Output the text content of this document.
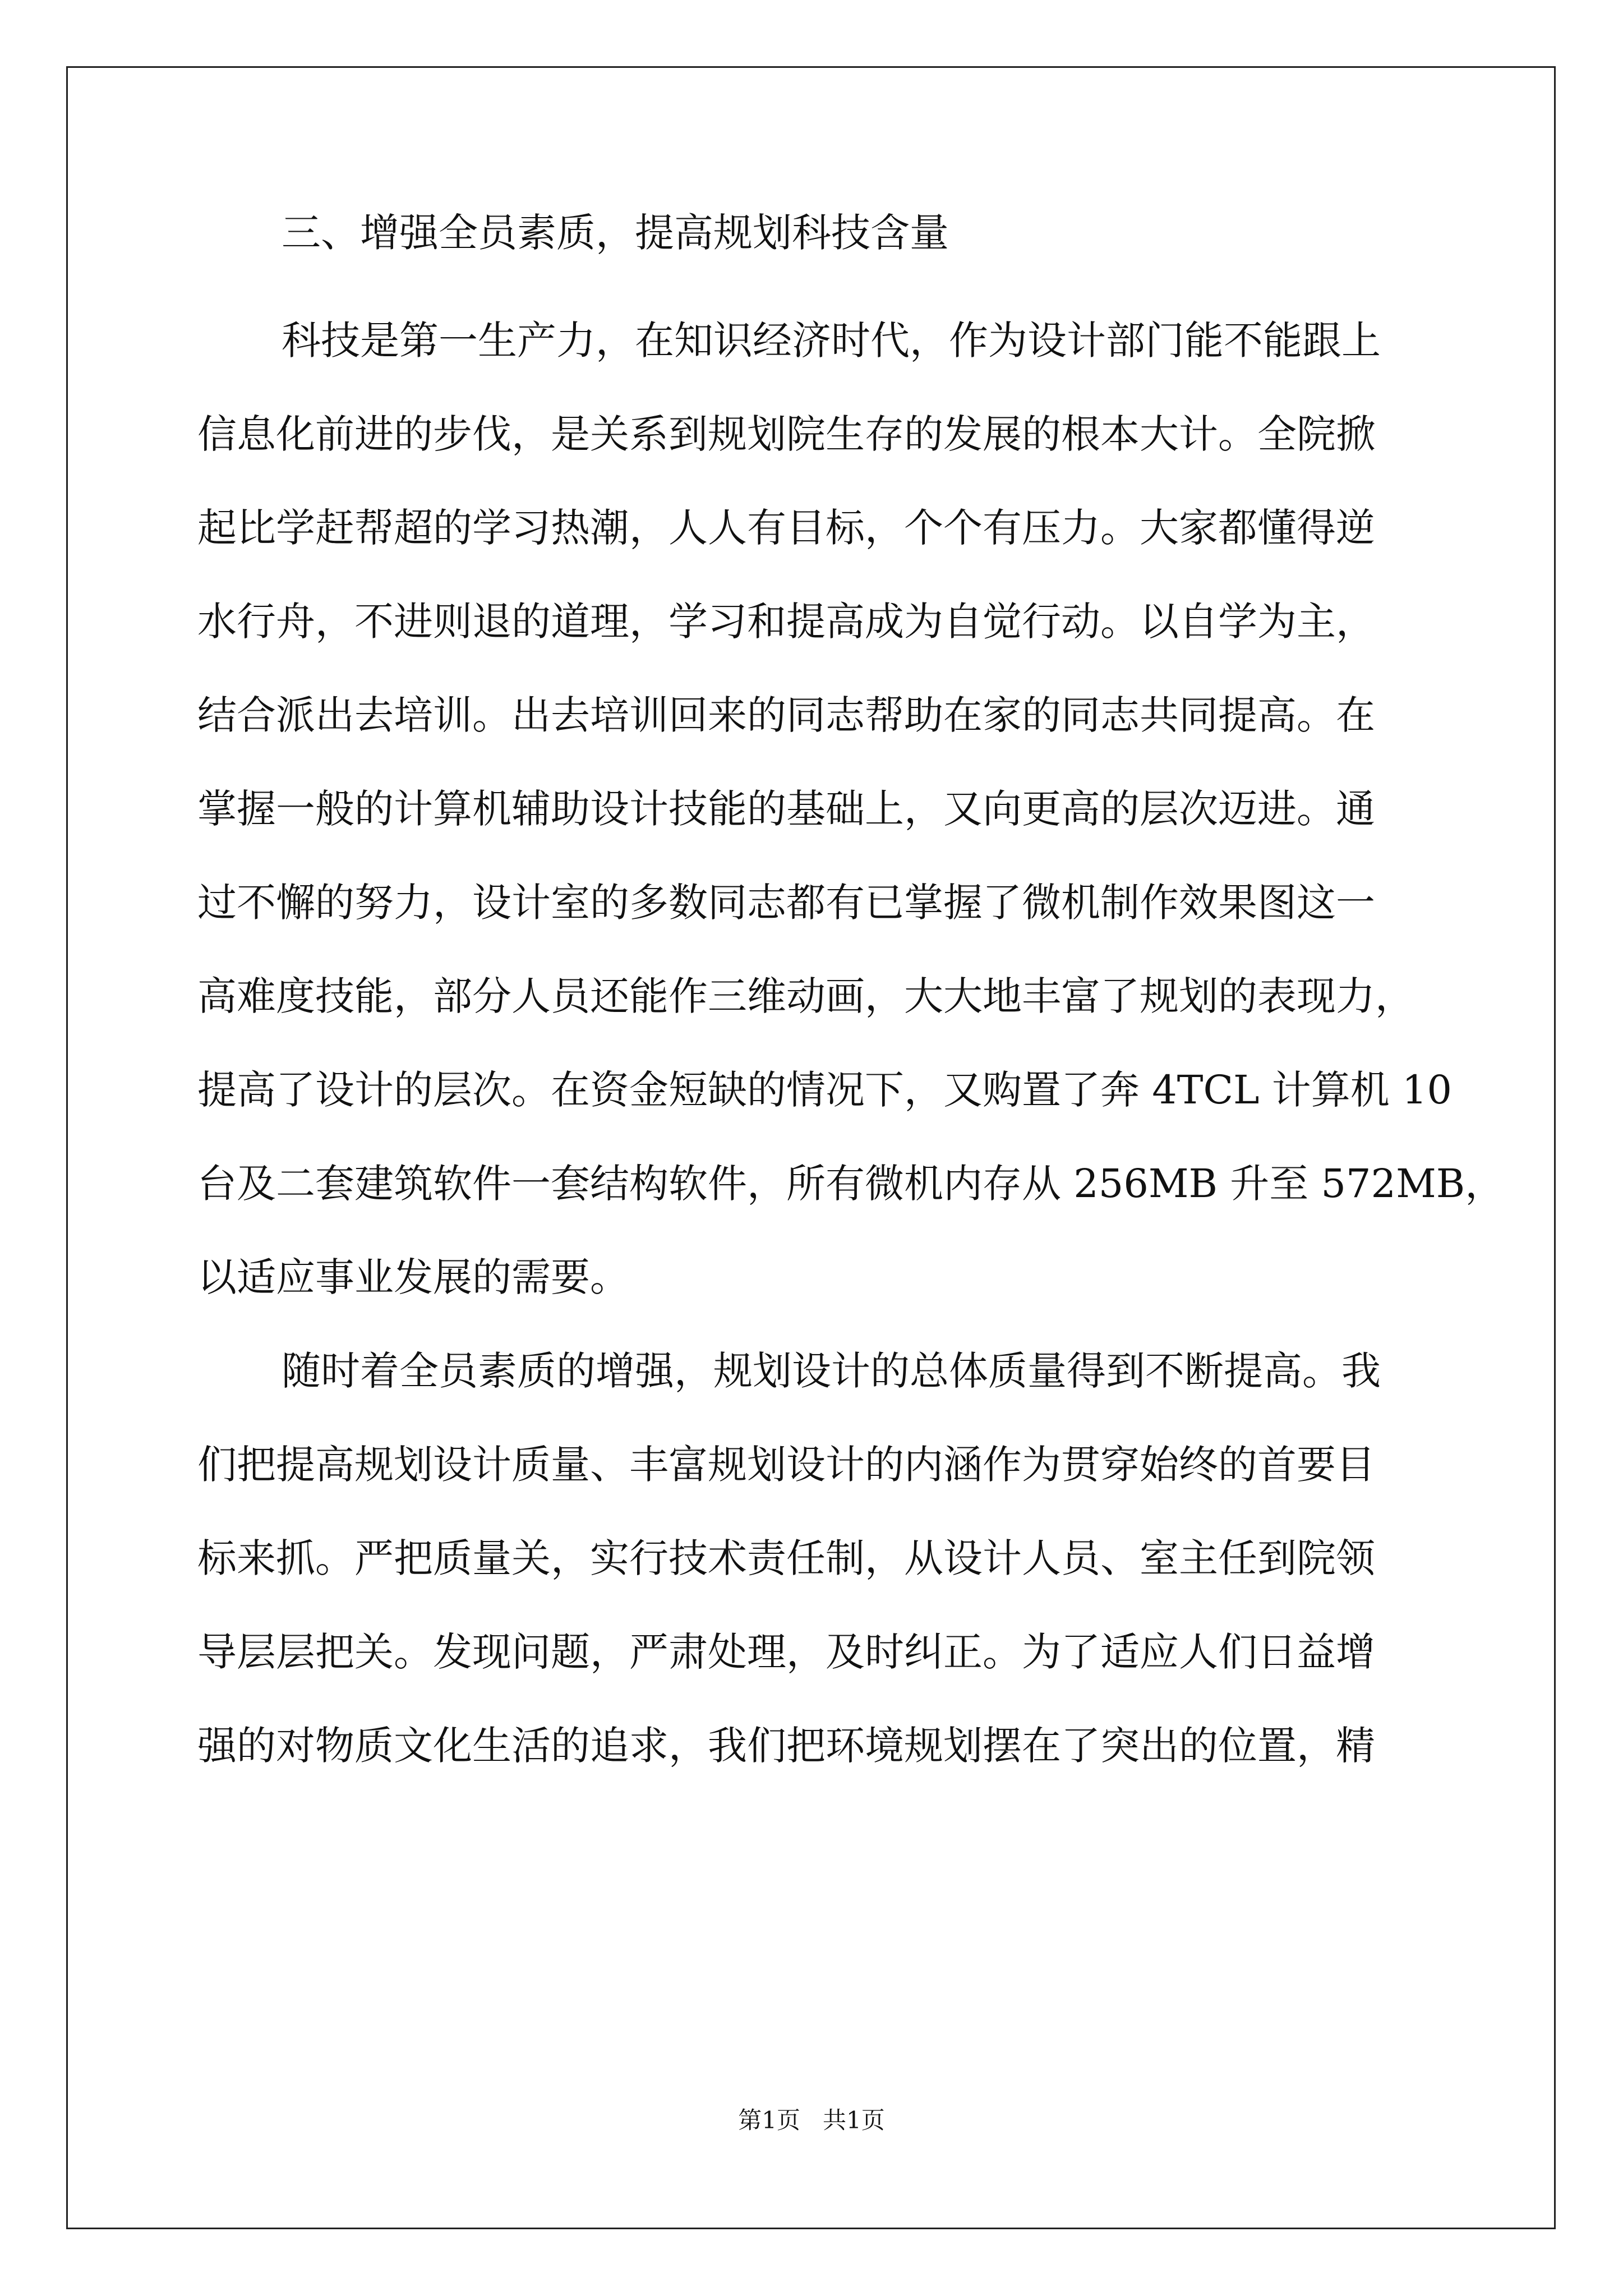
三、增强全员素质，提高规划科技含量
科技是第一生产力，在知识经济时代，作为设计部门能不能跟上
信息化前进的步伐，是关系到规划院生存的发展的根本大计。全院掀
起比学赶帮超的学习热潮，人人有目标，个个有压力。大家都懂得逆
水行舟，不进则退的道理，学习和提高成为自觉行动。以自学为主，
结合派出去培训。出去培训回来的同志帮助在家的同志共同提高。在
掌握一般的计算机辅助设计技能的基础上，又向更高的层次迈进。通
过不懈的努力，设计室的多数同志都有已掌握了微机制作效果图这一
高难度技能，部分人员还能作三维动画，大大地丰富了规划的表现力，
提高了设计的层次。在资金短缺的情况下，又购置了奔 4TCL 计算机 10
台及二套建筑软件一套结构软件，所有微机内存从 256MB 升至 572MB，
以适应事业发展的需要。
随时着全员素质的增强，规划设计的总体质量得到不断提高。我
们把提高规划设计质量、丰富规划设计的内涵作为贯穿始终的首要目
标来抓。严把质量关，实行技术责任制，从设计人员、室主任到院领
导层层把关。发现问题，严肃处理，及时纠正。为了适应人们日益增
强的对物质文化生活的追求，我们把环境规划摆在了突出的位置，精
第1页   共1页
